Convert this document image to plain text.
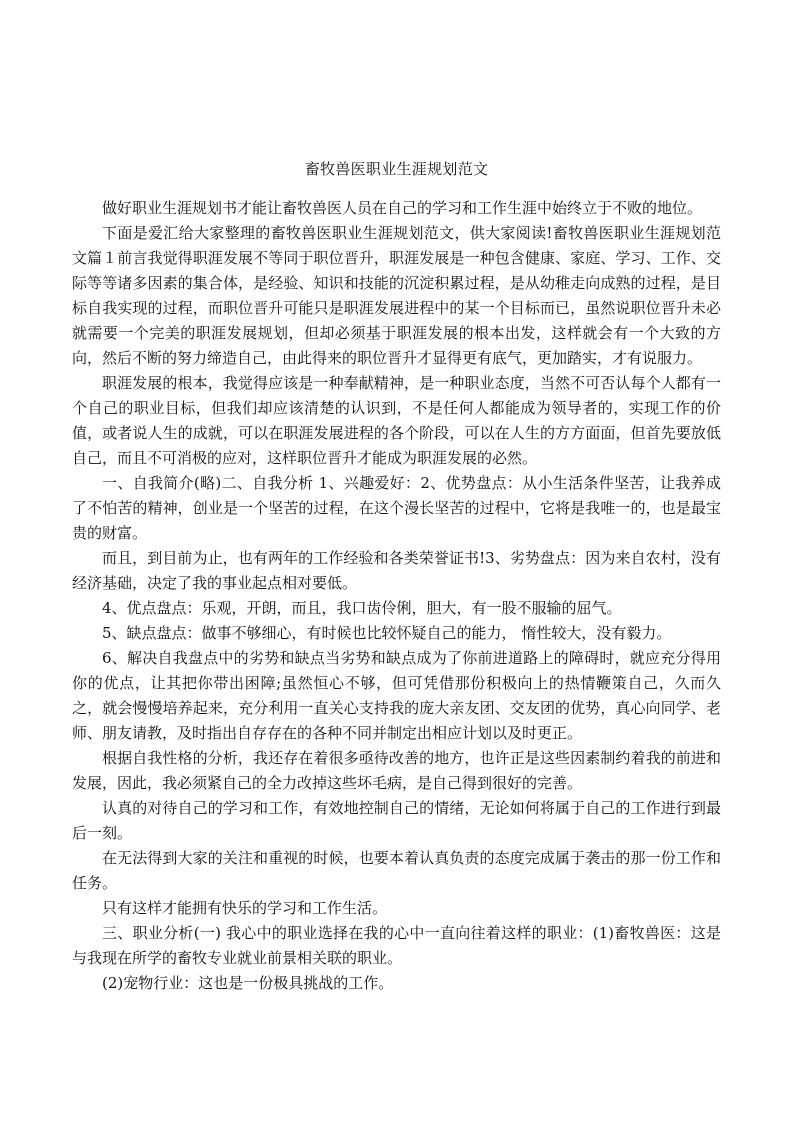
畜牧兽医职业生涯规划范文

做好职业生涯规划书才能让畜牧兽医人员在自己的学习和工作生涯中始终立于不败的地位。

下面是爱汇给大家整理的畜牧兽医职业生涯规划范文，供大家阅读!畜牧兽医职业生涯规划范文篇１前言我觉得职涯发展不等同于职位晋升，职涯发展是一种包含健康、家庭、学习、工作、交际等等诸多因素的集合体，是经验、知识和技能的沉淀积累过程，是从幼稚走向成熟的过程，是目标自我实现的过程，而职位晋升可能只是职涯发展进程中的某一个目标而已，虽然说职位晋升未必就需要一个完美的职涯发展规划，但却必须基于职涯发展的根本出发，这样就会有一个大致的方向，然后不断的努力缔造自己，由此得来的职位晋升才显得更有底气，更加踏实，才有说服力。

职涯发展的根本，我觉得应该是一种奉献精神，是一种职业态度，当然不可否认每个人都有一个自己的职业目标，但我们却应该清楚的认识到，不是任何人都能成为领导者的，实现工作的价值，或者说人生的成就，可以在职涯发展进程的各个阶段，可以在人生的方方面面，但首先要放低自己，而且不可消极的应对，这样职位晋升才能成为职涯发展的必然。

一、自我简介(略)二、自我分析 1、兴趣爱好：2、优势盘点：从小生活条件坚苦，让我养成了不怕苦的精神，创业是一个坚苦的过程，在这个漫长坚苦的过程中，它将是我唯一的，也是最宝贵的财富。

而且，到目前为止，也有两年的工作经验和各类荣誉证书!3、劣势盘点：因为来自农村，没有经济基础，决定了我的事业起点相对要低。

4、优点盘点：乐观，开朗，而且，我口齿伶俐，胆大，有一股不服输的屈气。

5、缺点盘点：做事不够细心，有时候也比较怀疑自己的能力， 惰性较大，没有毅力。

6、解决自我盘点中的劣势和缺点当劣势和缺点成为了你前进道路上的障碍时，就应充分得用你的优点，让其把你带出困障;虽然恒心不够，但可凭借那份积极向上的热情鞭策自己，久而久之，就会慢慢培养起来，充分利用一直关心支持我的庞大亲友团、交友团的优势，真心向同学、老师、朋友请教，及时指出自存存在的各种不同并制定出相应计划以及时更正。

根据自我性格的分析，我还存在着很多亟待改善的地方，也许正是这些因素制约着我的前进和发展，因此，我必须紧自己的全力改掉这些坏毛病，是自己得到很好的完善。

认真的对待自己的学习和工作，有效地控制自己的情绪，无论如何将属于自己的工作进行到最后一刻。

在无法得到大家的关注和重视的时候，也要本着认真负责的态度完成属于袭击的那一份工作和任务。

只有这样才能拥有快乐的学习和工作生活。

三、职业分析(一) 我心中的职业选择在我的心中一直向往着这样的职业：(1)畜牧兽医：这是与我现在所学的畜牧专业就业前景相关联的职业。

(2)宠物行业：这也是一份极具挑战的工作。
